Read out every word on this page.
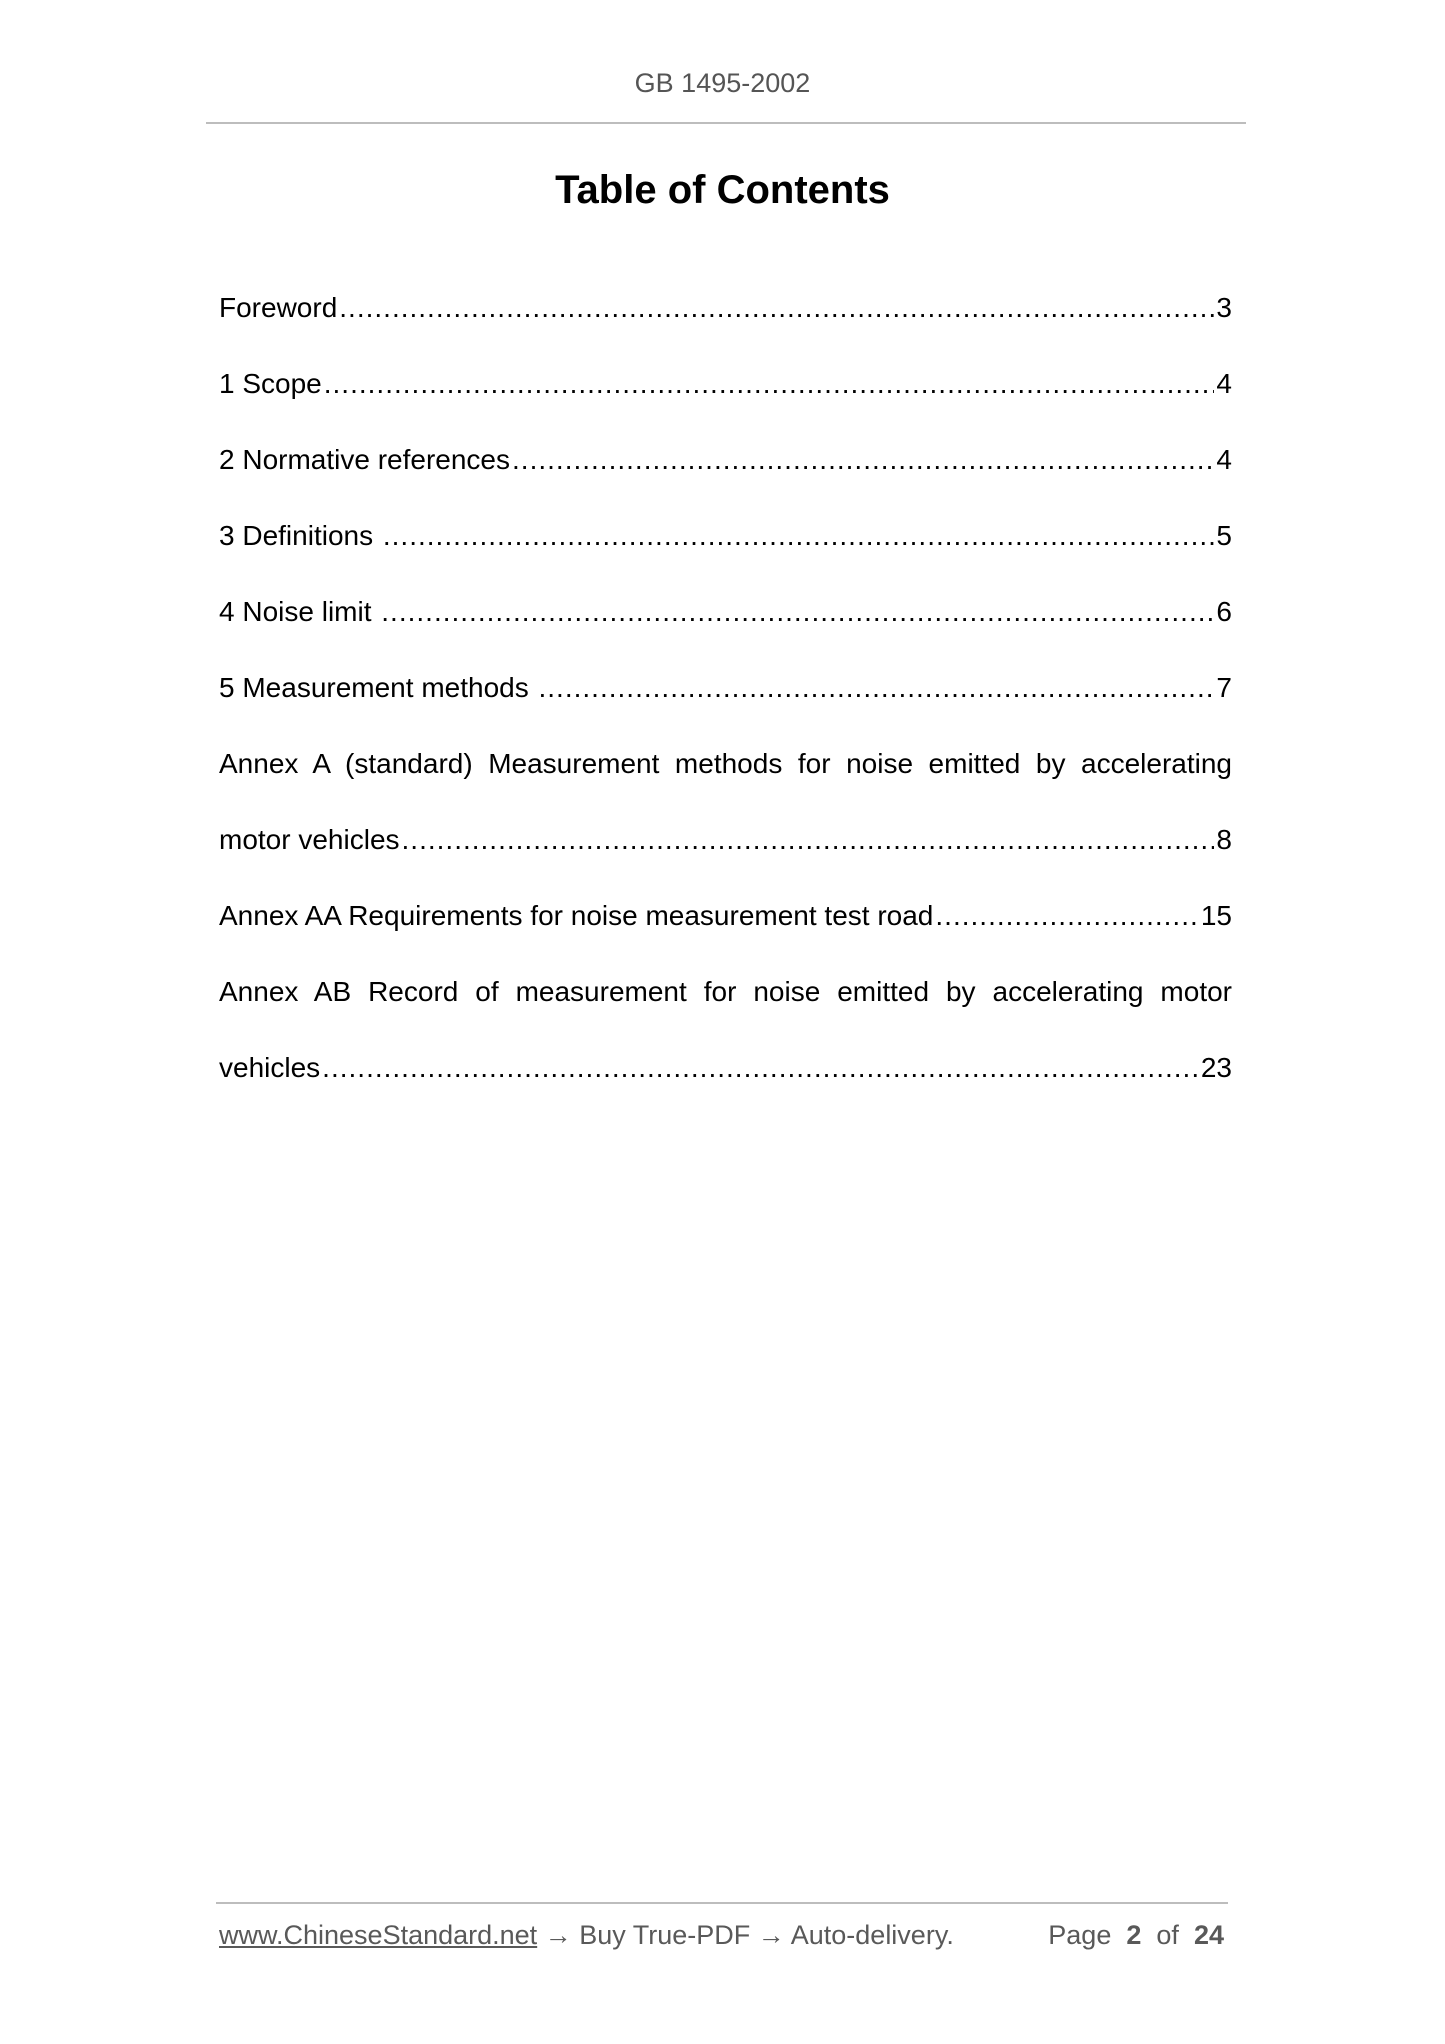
GB 1495-2002
Table of Contents
Foreword .....	3
1 Scope .....	4
2 Normative references .....	4
3 Definitions .....	5
4 Noise limit .....	6
5 Measurement methods .....	7
Annex A (standard) Measurement methods for noise emitted by accelerating
motor vehicles .....	8
Annex AA Requirements for noise measurement test road .....	15
Annex AB Record of measurement for noise emitted by accelerating motor
vehicles .....	23
www.ChineseStandard.net → Buy True-PDF → Auto-delivery.	Page 2 of 24
